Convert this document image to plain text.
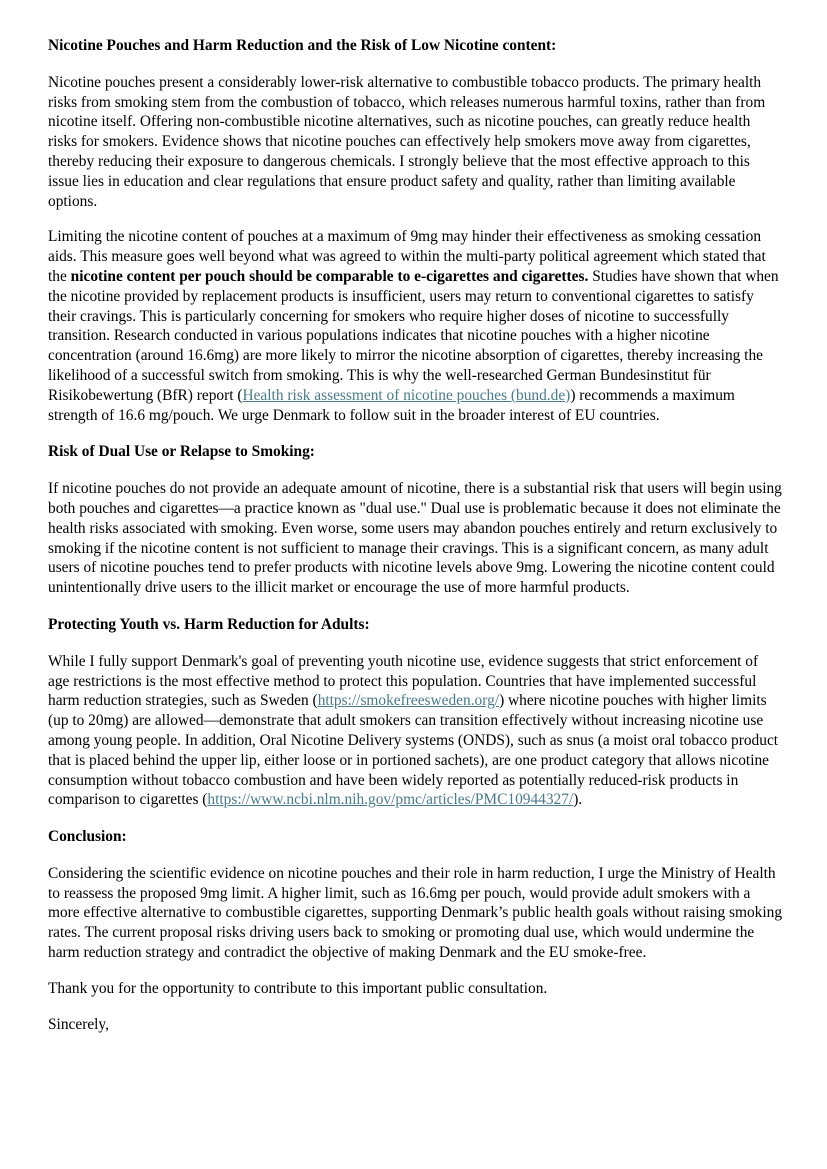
Nicotine Pouches and Harm Reduction and the Risk of Low Nicotine content:

Nicotine pouches present a considerably lower-risk alternative to combustible tobacco products. The primary health risks from smoking stem from the combustion of tobacco, which releases numerous harmful toxins, rather than from nicotine itself. Offering non-combustible nicotine alternatives, such as nicotine pouches, can greatly reduce health risks for smokers. Evidence shows that nicotine pouches can effectively help smokers move away from cigarettes, thereby reducing their exposure to dangerous chemicals. I strongly believe that the most effective approach to this issue lies in education and clear regulations that ensure product safety and quality, rather than limiting available options.

Limiting the nicotine content of pouches at a maximum of 9mg may hinder their effectiveness as smoking cessation aids. This measure goes well beyond what was agreed to within the multi-party political agreement which stated that the nicotine content per pouch should be comparable to e-cigarettes and cigarettes. Studies have shown that when the nicotine provided by replacement products is insufficient, users may return to conventional cigarettes to satisfy their cravings. This is particularly concerning for smokers who require higher doses of nicotine to successfully transition. Research conducted in various populations indicates that nicotine pouches with a higher nicotine concentration (around 16.6mg) are more likely to mirror the nicotine absorption of cigarettes, thereby increasing the likelihood of a successful switch from smoking. This is why the well-researched German Bundesinstitut für Risikobewertung (BfR) report (Health risk assessment of nicotine pouches (bund.de)) recommends a maximum strength of 16.6 mg/pouch. We urge Denmark to follow suit in the broader interest of EU countries.

Risk of Dual Use or Relapse to Smoking:

If nicotine pouches do not provide an adequate amount of nicotine, there is a substantial risk that users will begin using both pouches and cigarettes—a practice known as "dual use." Dual use is problematic because it does not eliminate the health risks associated with smoking. Even worse, some users may abandon pouches entirely and return exclusively to smoking if the nicotine content is not sufficient to manage their cravings. This is a significant concern, as many adult users of nicotine pouches tend to prefer products with nicotine levels above 9mg. Lowering the nicotine content could unintentionally drive users to the illicit market or encourage the use of more harmful products.

Protecting Youth vs. Harm Reduction for Adults:

While I fully support Denmark's goal of preventing youth nicotine use, evidence suggests that strict enforcement of age restrictions is the most effective method to protect this population. Countries that have implemented successful harm reduction strategies, such as Sweden (https://smokefreesweden.org/) where nicotine pouches with higher limits (up to 20mg) are allowed—demonstrate that adult smokers can transition effectively without increasing nicotine use among young people. In addition, Oral Nicotine Delivery systems (ONDS), such as snus (a moist oral tobacco product that is placed behind the upper lip, either loose or in portioned sachets), are one product category that allows nicotine consumption without tobacco combustion and have been widely reported as potentially reduced-risk products in comparison to cigarettes (https://www.ncbi.nlm.nih.gov/pmc/articles/PMC10944327/).

Conclusion:

Considering the scientific evidence on nicotine pouches and their role in harm reduction, I urge the Ministry of Health to reassess the proposed 9mg limit. A higher limit, such as 16.6mg per pouch, would provide adult smokers with a more effective alternative to combustible cigarettes, supporting Denmark’s public health goals without raising smoking rates. The current proposal risks driving users back to smoking or promoting dual use, which would undermine the harm reduction strategy and contradict the objective of making Denmark and the EU smoke-free.

Thank you for the opportunity to contribute to this important public consultation.

Sincerely,
